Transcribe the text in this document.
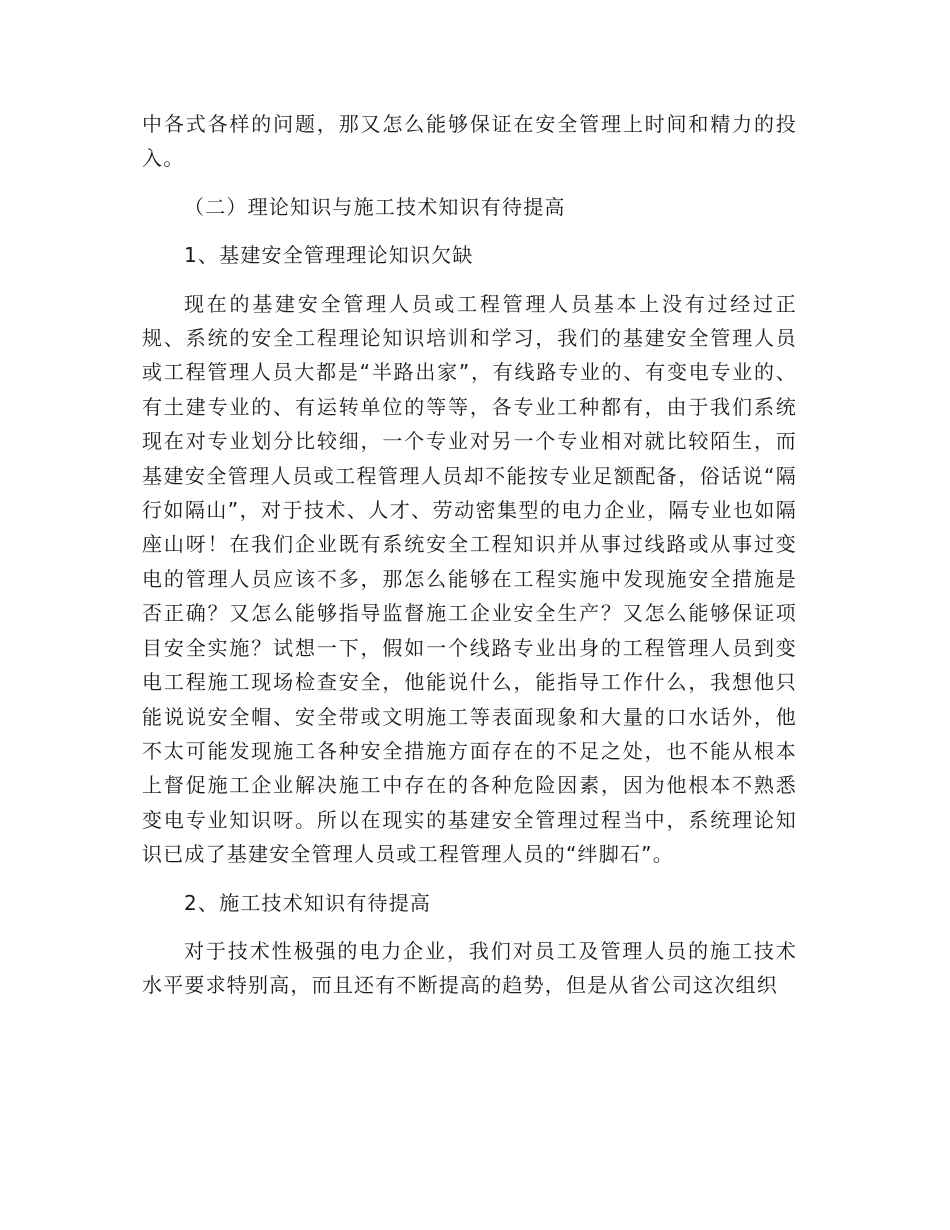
中各式各样的问题，那又怎么能够保证在安全管理上时间和精力的投入。

（二）理论知识与施工技术知识有待提高

1、基建安全管理理论知识欠缺

现在的基建安全管理人员或工程管理人员基本上没有过经过正规、系统的安全工程理论知识培训和学习，我们的基建安全管理人员或工程管理人员大都是“半路出家”，有线路专业的、有变电专业的、有土建专业的、有运转单位的等等，各专业工种都有，由于我们系统现在对专业划分比较细，一个专业对另一个专业相对就比较陌生，而基建安全管理人员或工程管理人员却不能按专业足额配备，俗话说“隔行如隔山”，对于技术、人才、劳动密集型的电力企业，隔专业也如隔座山呀！在我们企业既有系统安全工程知识并从事过线路或从事过变电的管理人员应该不多，那怎么能够在工程实施中发现施安全措施是否正确？又怎么能够指导监督施工企业安全生产？又怎么能够保证项目安全实施？试想一下，假如一个线路专业出身的工程管理人员到变电工程施工现场检查安全，他能说什么，能指导工作什么，我想他只能说说安全帽、安全带或文明施工等表面现象和大量的口水话外，他不太可能发现施工各种安全措施方面存在的不足之处，也不能从根本上督促施工企业解决施工中存在的各种危险因素，因为他根本不熟悉变电专业知识呀。所以在现实的基建安全管理过程当中，系统理论知识已成了基建安全管理人员或工程管理人员的“绊脚石”。

2、施工技术知识有待提高

对于技术性极强的电力企业，我们对员工及管理人员的施工技术水平要求特别高，而且还有不断提高的趋势，但是从省公司这次组织
